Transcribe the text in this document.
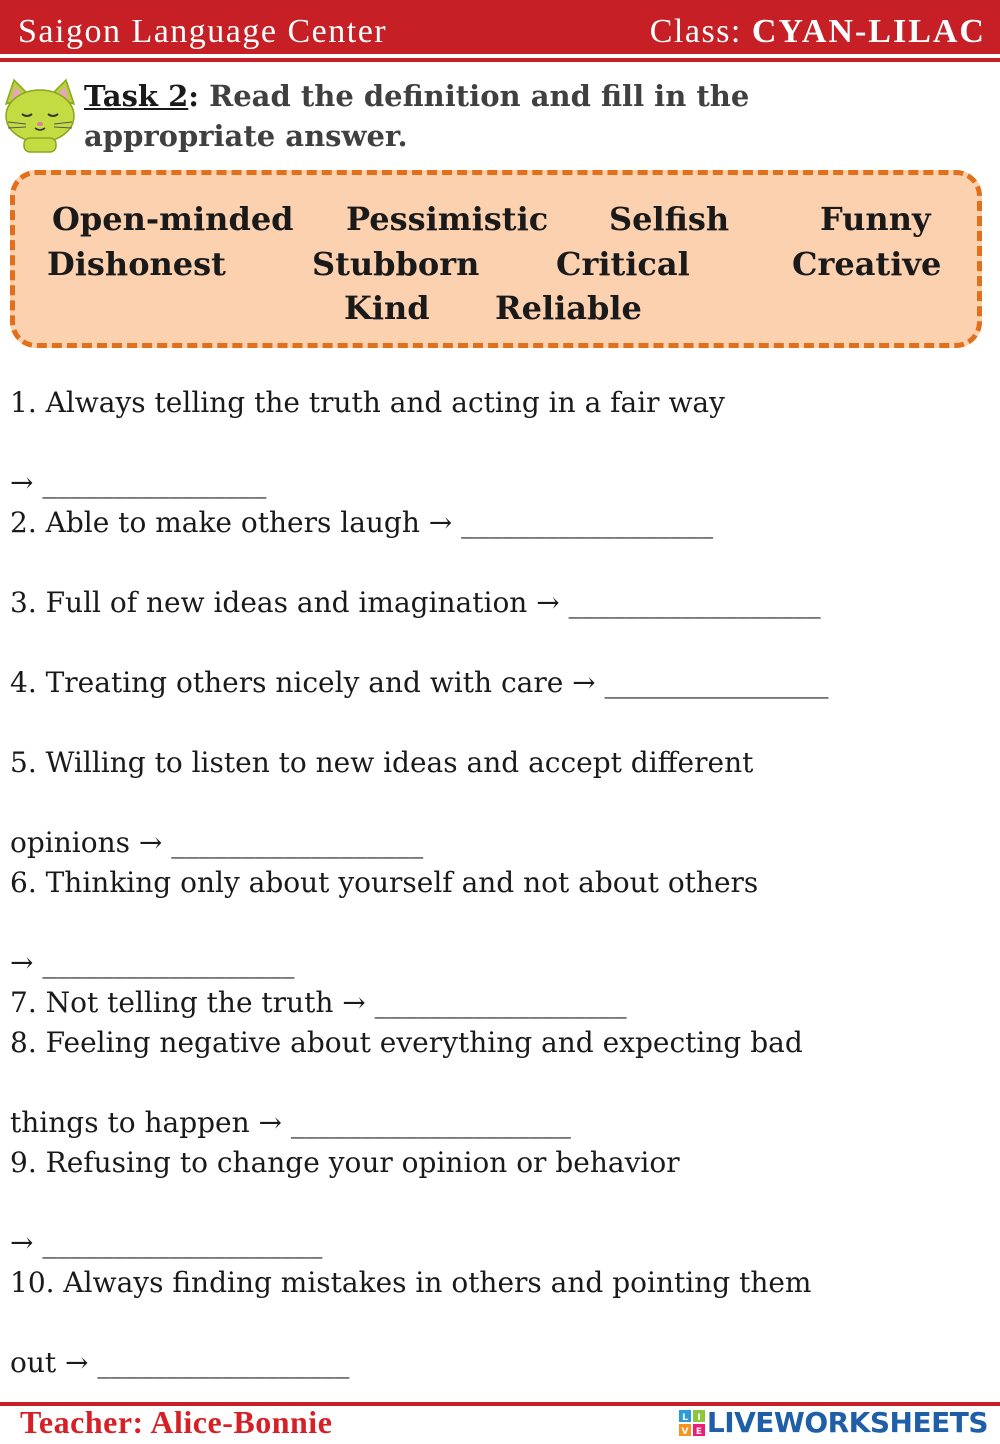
Saigon Language Center	Class: CYAN-LILAC
Task 2: Read the definition and fill in the
appropriate answer.
Open-minded Pessimistic Selfish	Funny
Dishonest	Stubborn Critical	Creative
Kind Reliable
1. Always telling the truth and acting in a fair way
→ ________________
2. Able to make others laugh → __________________
3. Full of new ideas and imagination → __________________
4. Treating others nicely and with care → ________________
5. Willing to listen to new ideas and accept different
opinions → __________________
6. Thinking only about yourself and not about others
→ __________________
7. Not telling the truth → __________________
8. Feeling negative about everything and expecting bad
things to happen → ____________________
9. Refusing to change your opinion or behavior
→ ____________________
10. Always finding mistakes in others and pointing them
out → __________________
Teacher: Alice-Bonnie	L I
V E LIVEWORKSHEETS
